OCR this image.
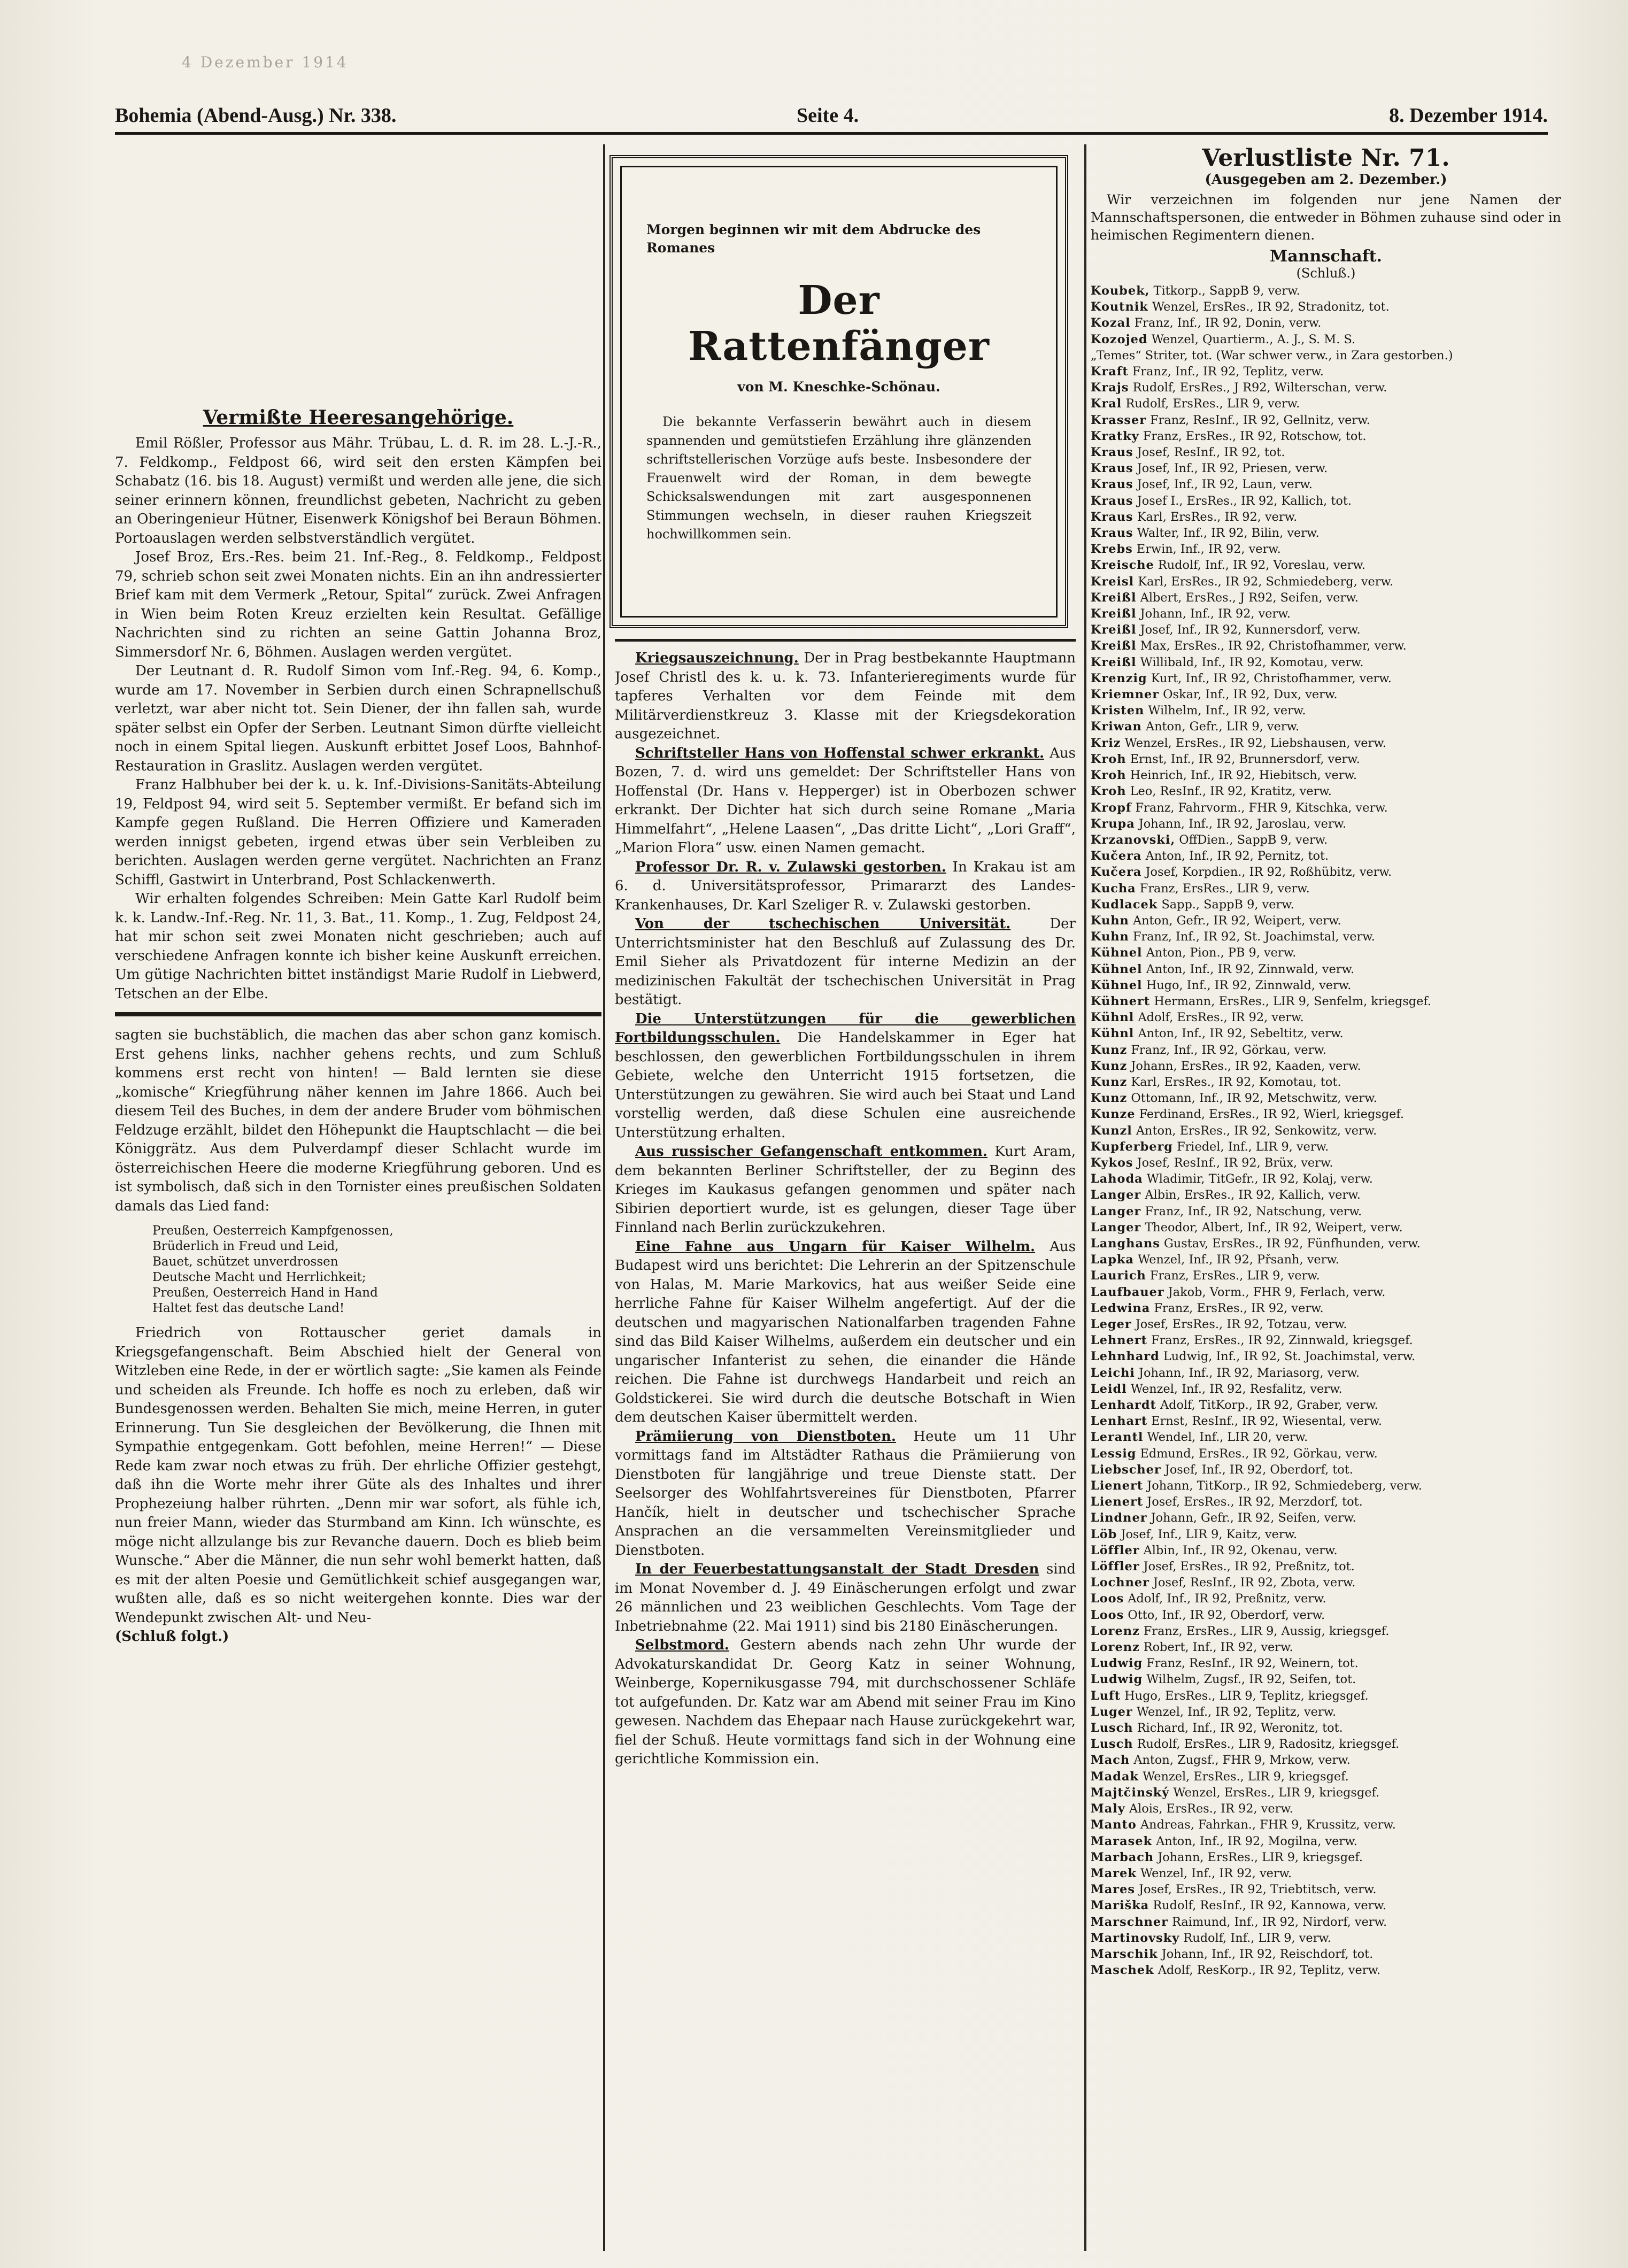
4 Dezember 1914
Bohemia (Abend-Ausg.) Nr. 338.	Seite 4.	8. Dezember 1914.
Vermißte Heeresangehörige.
Emil Rößler, Professor aus Mähr. Trübau, L. d. R. im 28. L.-J.-R., 7. Feldkomp., Feldpost 66, wird seit den ersten Kämpfen bei Schabatz (16. bis 18. August) vermißt und werden alle jene, die sich seiner erinnern können, freundlichst gebeten, Nachricht zu geben an Oberingenieur Hütner, Eisenwerk Königshof bei Beraun Böhmen. Portoauslagen werden selbstverständlich vergütet.
Josef Broz, Ers.-Res. beim 21. Inf.-Reg., 8. Feldkomp., Feldpost 79, schrieb schon seit zwei Monaten nichts. Ein an ihn andressierter Brief kam mit dem Vermerk „Retour, Spital“ zurück. Zwei Anfragen in Wien beim Roten Kreuz erzielten kein Resultat. Gefällige Nachrichten sind zu richten an seine Gattin Johanna Broz, Simmersdorf Nr. 6, Böhmen. Auslagen werden vergütet.
Der Leutnant d. R. Rudolf Simon vom Inf.-Reg. 94, 6. Komp., wurde am 17. November in Serbien durch einen Schrapnellschuß verletzt, war aber nicht tot. Sein Diener, der ihn fallen sah, wurde später selbst ein Opfer der Serben. Leutnant Simon dürfte vielleicht noch in einem Spital liegen. Auskunft erbittet Josef Loos, Bahnhof-Restauration in Graslitz. Auslagen werden vergütet.
Franz Halbhuber bei der k. u. k. Inf.-Divisions-Sanitäts-Abteilung 19, Feldpost 94, wird seit 5. September vermißt. Er befand sich im Kampfe gegen Rußland. Die Herren Offiziere und Kameraden werden innigst gebeten, irgend etwas über sein Verbleiben zu berichten. Auslagen werden gerne vergütet. Nachrichten an Franz Schiffl, Gastwirt in Unterbrand, Post Schlackenwerth.
Wir erhalten folgendes Schreiben: Mein Gatte Karl Rudolf beim k. k. Landw.-Inf.-Reg. Nr. 11, 3. Bat., 11. Komp., 1. Zug, Feldpost 24, hat mir schon seit zwei Monaten nicht geschrieben; auch auf verschiedene Anfragen konnte ich bisher keine Auskunft erreichen. Um gütige Nachrichten bittet inständigst Marie Rudolf in Liebwerd, Tetschen an der Elbe.
sagten sie buchstäblich, die machen das aber schon ganz komisch. Erst gehens links, nachher gehens rechts, und zum Schluß kommens erst recht von hinten! — Bald lernten sie diese „komische“ Kriegführung näher kennen im Jahre 1866. Auch bei diesem Teil des Buches, in dem der andere Bruder vom böhmischen Feldzuge erzählt, bildet den Höhepunkt die Hauptschlacht — die bei Königgrätz. Aus dem Pulverdampf dieser Schlacht wurde im österreichischen Heere die moderne Kriegführung geboren. Und es ist symbolisch, daß sich in den Tornister eines preußischen Soldaten damals das Lied fand:
Preußen, Oesterreich Kampfgenossen,
Brüderlich in Freud und Leid,
Bauet, schützet unverdrossen
Deutsche Macht und Herrlichkeit;
Preußen, Oesterreich Hand in Hand
Haltet fest das deutsche Land!
Friedrich von Rottauscher geriet damals in Kriegsgefangenschaft. Beim Abschied hielt der General von Witzleben eine Rede, in der er wörtlich sagte: „Sie kamen als Feinde und scheiden als Freunde. Ich hoffe es noch zu erleben, daß wir Bundesgenossen werden. Behalten Sie mich, meine Herren, in guter Erinnerung. Tun Sie desgleichen der Bevölkerung, die Ihnen mit Sympathie entgegenkam. Gott befohlen, meine Herren!“ — Diese Rede kam zwar noch etwas zu früh. Der ehrliche Offizier gestehgt, daß ihn die Worte mehr ihrer Güte als des Inhaltes und ihrer Prophezeiung halber rührten. „Denn mir war sofort, als fühle ich, nun freier Mann, wieder das Sturmband am Kinn. Ich wünschte, es möge nicht allzulange bis zur Revanche dauern. Doch es blieb beim Wunsche.“ Aber die Männer, die nun sehr wohl bemerkt hatten, daß es mit der alten Poesie und Gemütlichkeit schief ausgegangen war, wußten alle, daß es so nicht weitergehen konnte. Dies war der Wendepunkt zwischen Alt- und Neu-
(Schluß folgt.)
Morgen beginnen wir mit dem Abdrucke des Romanes
Der Rattenfänger
von M. Kneschke-Schönau.
Die bekannte Verfasserin bewährt auch in diesem spannenden und gemütstiefen Erzählung ihre glänzenden schriftstellerischen Vorzüge aufs beste. Insbesondere der Frauenwelt wird der Roman, in dem bewegte Schicksalswendungen mit zart ausgesponnenen Stimmungen wechseln, in dieser rauhen Kriegszeit hochwillkommen sein.
Kriegsauszeichnung. Der in Prag bestbekannte Hauptmann Josef Christl des k. u. k. 73. Infanterieregiments wurde für tapferes Verhalten vor dem Feinde mit dem Militärverdienstkreuz 3. Klasse mit der Kriegsdekoration ausgezeichnet.
Schriftsteller Hans von Hoffenstal schwer erkrankt. Aus Bozen, 7. d. wird uns gemeldet: Der Schriftsteller Hans von Hoffenstal (Dr. Hans v. Hepperger) ist in Oberbozen schwer erkrankt. Der Dichter hat sich durch seine Romane „Maria Himmelfahrt“, „Helene Laasen“, „Das dritte Licht“, „Lori Graff“, „Marion Flora“ usw. einen Namen gemacht.
Professor Dr. R. v. Zulawski gestorben. In Krakau ist am 6. d. Universitätsprofessor, Primararzt des Landes-Krankenhauses, Dr. Karl Szeliger R. v. Zulawski gestorben.
Von der tschechischen Universität. Der Unterrichtsminister hat den Beschluß auf Zulassung des Dr. Emil Sieher als Privatdozent für interne Medizin an der medizinischen Fakultät der tschechischen Universität in Prag bestätigt.
Die Unterstützungen für die gewerblichen Fortbildungsschulen. Die Handelskammer in Eger hat beschlossen, den gewerblichen Fortbildungsschulen in ihrem Gebiete, welche den Unterricht 1915 fortsetzen, die Unterstützungen zu gewähren. Sie wird auch bei Staat und Land vorstellig werden, daß diese Schulen eine ausreichende Unterstützung erhalten.
Aus russischer Gefangenschaft entkommen. Kurt Aram, dem bekannten Berliner Schriftsteller, der zu Beginn des Krieges im Kaukasus gefangen genommen und später nach Sibirien deportiert wurde, ist es gelungen, dieser Tage über Finnland nach Berlin zurückzukehren.
Eine Fahne aus Ungarn für Kaiser Wilhelm. Aus Budapest wird uns berichtet: Die Lehrerin an der Spitzenschule von Halas, M. Marie Markovics, hat aus weißer Seide eine herrliche Fahne für Kaiser Wilhelm angefertigt. Auf der die deutschen und magyarischen Nationalfarben tragenden Fahne sind das Bild Kaiser Wilhelms, außerdem ein deutscher und ein ungarischer Infanterist zu sehen, die einander die Hände reichen. Die Fahne ist durchwegs Handarbeit und reich an Goldstickerei. Sie wird durch die deutsche Botschaft in Wien dem deutschen Kaiser übermittelt werden.
Prämiierung von Dienstboten. Heute um 11 Uhr vormittags fand im Altstädter Rathaus die Prämiierung von Dienstboten für langjährige und treue Dienste statt. Der Seelsorger des Wohlfahrtsvereines für Dienstboten, Pfarrer Hančík, hielt in deutscher und tschechischer Sprache Ansprachen an die versammelten Vereinsmitglieder und Dienstboten.
In der Feuerbestattungsanstalt der Stadt Dresden sind im Monat November d. J. 49 Einäscherungen erfolgt und zwar 26 männlichen und 23 weiblichen Geschlechts. Vom Tage der Inbetriebnahme (22. Mai 1911) sind bis 2180 Einäscherungen.
Selbstmord. Gestern abends nach zehn Uhr wurde der Advokaturskandidat Dr. Georg Katz in seiner Wohnung, Weinberge, Kopernikusgasse 794, mit durchschossener Schläfe tot aufgefunden. Dr. Katz war am Abend mit seiner Frau im Kino gewesen. Nachdem das Ehepaar nach Hause zurückgekehrt war, fiel der Schuß. Heute vormittags fand sich in der Wohnung eine gerichtliche Kommission ein.
Verlustliste Nr. 71.
(Ausgegeben am 2. Dezember.)
Wir verzeichnen im folgenden nur jene Namen der Mannschaftspersonen, die entweder in Böhmen zuhause sind oder in heimischen Regimentern dienen.
Mannschaft.
(Schluß.)
Koubek, Titkorp., SappB 9, verw.
Koutnik Wenzel, ErsRes., IR 92, Stradonitz, tot.
Kozal Franz, Inf., IR 92, Donin, verw.
Kozojed Wenzel, Quartierm., A. J., S. M. S.
„Temes“ Striter, tot. (War schwer verw., in Zara gestorben.)
Kraft Franz, Inf., IR 92, Teplitz, verw.
Krajs Rudolf, ErsRes., J R92, Wilterschan, verw.
Kral Rudolf, ErsRes., LIR 9, verw.
Krasser Franz, ResInf., IR 92, Gellnitz, verw.
Kratky Franz, ErsRes., IR 92, Rotschow, tot.
Kraus Josef, ResInf., IR 92, tot.
Kraus Josef, Inf., IR 92, Priesen, verw.
Kraus Josef, Inf., IR 92, Laun, verw.
Kraus Josef I., ErsRes., IR 92, Kallich, tot.
Kraus Karl, ErsRes., IR 92, verw.
Kraus Walter, Inf., IR 92, Bilin, verw.
Krebs Erwin, Inf., IR 92, verw.
Kreische Rudolf, Inf., IR 92, Voreslau, verw.
Kreisl Karl, ErsRes., IR 92, Schmiedeberg, verw.
Kreißl Albert, ErsRes., J R92, Seifen, verw.
Kreißl Johann, Inf., IR 92, verw.
Kreißl Josef, Inf., IR 92, Kunnersdorf, verw.
Kreißl Max, ErsRes., IR 92, Christofhammer, verw.
Kreißl Willibald, Inf., IR 92, Komotau, verw.
Krenzig Kurt, Inf., IR 92, Christofhammer, verw.
Kriemner Oskar, Inf., IR 92, Dux, verw.
Kristen Wilhelm, Inf., IR 92, verw.
Kriwan Anton, Gefr., LIR 9, verw.
Kriz Wenzel, ErsRes., IR 92, Liebshausen, verw.
Kroh Ernst, Inf., IR 92, Brunnersdorf, verw.
Kroh Heinrich, Inf., IR 92, Hiebitsch, verw.
Kroh Leo, ResInf., IR 92, Kratitz, verw.
Kropf Franz, Fahrvorm., FHR 9, Kitschka, verw.
Krupa Johann, Inf., IR 92, Jaroslau, verw.
Krzanovski, OffDien., SappB 9, verw.
Kučera Anton, Inf., IR 92, Pernitz, tot.
Kučera Josef, Korpdien., IR 92, Roßhübitz, verw.
Kucha Franz, ErsRes., LIR 9, verw.
Kudlacek Sapp., SappB 9, verw.
Kuhn Anton, Gefr., IR 92, Weipert, verw.
Kuhn Franz, Inf., IR 92, St. Joachimstal, verw.
Kühnel Anton, Pion., PB 9, verw.
Kühnel Anton, Inf., IR 92, Zinnwald, verw.
Kühnel Hugo, Inf., IR 92, Zinnwald, verw.
Kühnert Hermann, ErsRes., LIR 9, Senfelm, kriegsgef.
Kühnl Adolf, ErsRes., IR 92, verw.
Kühnl Anton, Inf., IR 92, Sebeltitz, verw.
Kunz Franz, Inf., IR 92, Görkau, verw.
Kunz Johann, ErsRes., IR 92, Kaaden, verw.
Kunz Karl, ErsRes., IR 92, Komotau, tot.
Kunz Ottomann, Inf., IR 92, Metschwitz, verw.
Kunze Ferdinand, ErsRes., IR 92, Wierl, kriegsgef.
Kunzl Anton, ErsRes., IR 92, Senkowitz, verw.
Kupferberg Friedel, Inf., LIR 9, verw.
Kykos Josef, ResInf., IR 92, Brüx, verw.
Lahoda Wladimir, TitGefr., IR 92, Kolaj, verw.
Langer Albin, ErsRes., IR 92, Kallich, verw.
Langer Franz, Inf., IR 92, Natschung, verw.
Langer Theodor, Albert, Inf., IR 92, Weipert, verw.
Langhans Gustav, ErsRes., IR 92, Fünfhunden, verw.
Lapka Wenzel, Inf., IR 92, Přsanh, verw.
Laurich Franz, ErsRes., LIR 9, verw.
Laufbauer Jakob, Vorm., FHR 9, Ferlach, verw.
Ledwina Franz, ErsRes., IR 92, verw.
Leger Josef, ErsRes., IR 92, Totzau, verw.
Lehnert Franz, ErsRes., IR 92, Zinnwald, kriegsgef.
Lehnhard Ludwig, Inf., IR 92, St. Joachimstal, verw.
Leichi Johann, Inf., IR 92, Mariasorg, verw.
Leidl Wenzel, Inf., IR 92, Resfalitz, verw.
Lenhardt Adolf, TitKorp., IR 92, Graber, verw.
Lenhart Ernst, ResInf., IR 92, Wiesental, verw.
Lerantl Wendel, Inf., LIR 20, verw.
Lessig Edmund, ErsRes., IR 92, Görkau, verw.
Liebscher Josef, Inf., IR 92, Oberdorf, tot.
Lienert Johann, TitKorp., IR 92, Schmiedeberg, verw.
Lienert Josef, ErsRes., IR 92, Merzdorf, tot.
Lindner Johann, Gefr., IR 92, Seifen, verw.
Löb Josef, Inf., LIR 9, Kaitz, verw.
Löffler Albin, Inf., IR 92, Okenau, verw.
Löffler Josef, ErsRes., IR 92, Preßnitz, tot.
Lochner Josef, ResInf., IR 92, Zbota, verw.
Loos Adolf, Inf., IR 92, Preßnitz, verw.
Loos Otto, Inf., IR 92, Oberdorf, verw.
Lorenz Franz, ErsRes., LIR 9, Aussig, kriegsgef.
Lorenz Robert, Inf., IR 92, verw.
Ludwig Franz, ResInf., IR 92, Weinern, tot.
Ludwig Wilhelm, Zugsf., IR 92, Seifen, tot.
Luft Hugo, ErsRes., LIR 9, Teplitz, kriegsgef.
Luger Wenzel, Inf., IR 92, Teplitz, verw.
Lusch Richard, Inf., IR 92, Weronitz, tot.
Lusch Rudolf, ErsRes., LIR 9, Radositz, kriegsgef.
Mach Anton, Zugsf., FHR 9, Mrkow, verw.
Madak Wenzel, ErsRes., LIR 9, kriegsgef.
Majtčinský Wenzel, ErsRes., LIR 9, kriegsgef.
Maly Alois, ErsRes., IR 92, verw.
Manto Andreas, Fahrkan., FHR 9, Krussitz, verw.
Marasek Anton, Inf., IR 92, Mogilna, verw.
Marbach Johann, ErsRes., LIR 9, kriegsgef.
Marek Wenzel, Inf., IR 92, verw.
Mares Josef, ErsRes., IR 92, Triebtitsch, verw.
Mariška Rudolf, ResInf., IR 92, Kannowa, verw.
Marschner Raimund, Inf., IR 92, Nirdorf, verw.
Martinovsky Rudolf, Inf., LIR 9, verw.
Marschik Johann, Inf., IR 92, Reischdorf, tot.
Maschek Adolf, ResKorp., IR 92, Teplitz, verw.
